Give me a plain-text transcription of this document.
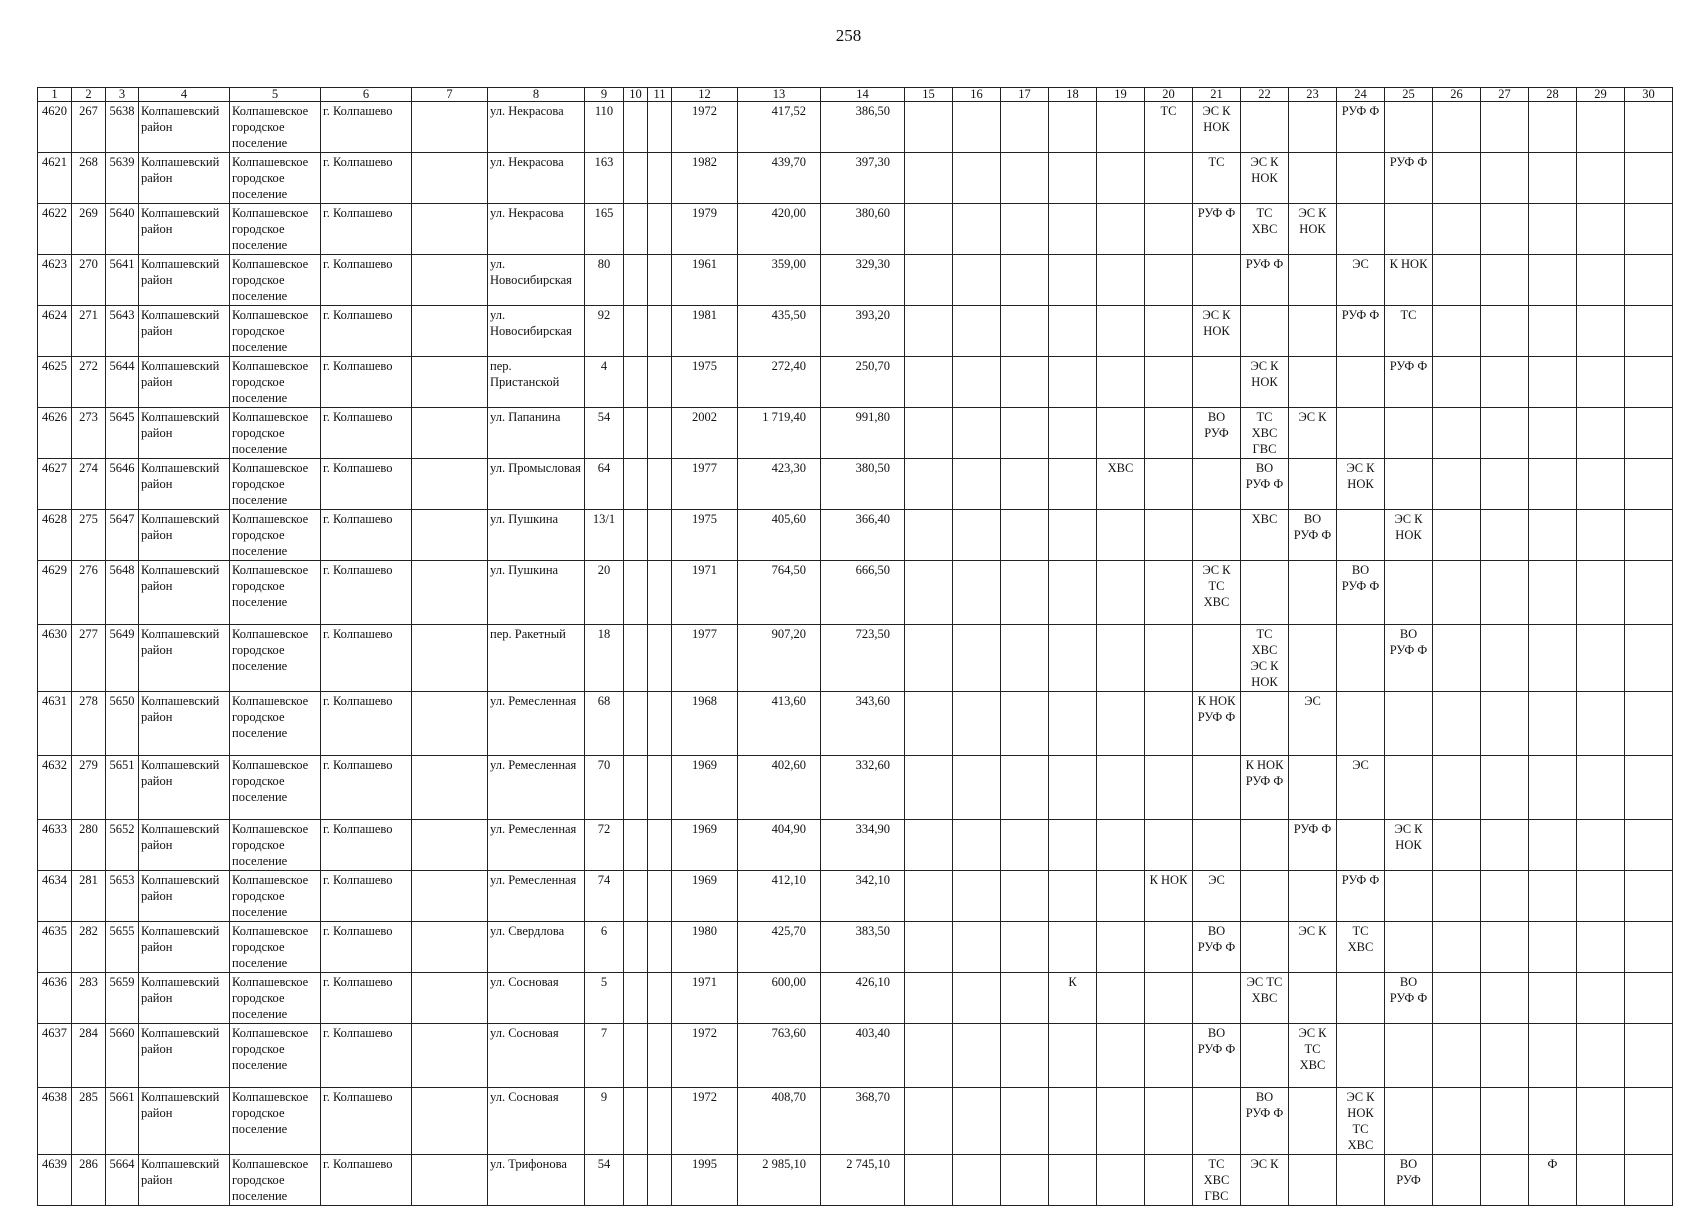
258
1	2	3	4	5	6	7	8	9	10	11	12	13	14	15	16	17	18	19	20	21	22	23	24	25	26	27	28	29	30
4620	267	5638	Колпашевский район	Колпашевское городское поселение	г. Колпашево		ул. Некрасова	110			1972	417,52	386,50						ТС	ЭС К НОК			РУФ Ф						
4621	268	5639	Колпашевский район	Колпашевское городское поселение	г. Колпашево		ул. Некрасова	163			1982	439,70	397,30							ТС	ЭС К НОК			РУФ Ф					
4622	269	5640	Колпашевский район	Колпашевское городское поселение	г. Колпашево		ул. Некрасова	165			1979	420,00	380,60							РУФ Ф	ТС ХВС	ЭС К НОК							
4623	270	5641	Колпашевский район	Колпашевское городское поселение	г. Колпашево		ул. Новосибирская	80			1961	359,00	329,30								РУФ Ф		ЭС	К НОК					
4624	271	5643	Колпашевский район	Колпашевское городское поселение	г. Колпашево		ул. Новосибирская	92			1981	435,50	393,20							ЭС К НОК			РУФ Ф	ТС					
4625	272	5644	Колпашевский район	Колпашевское городское поселение	г. Колпашево		пер. Пристанской	4			1975	272,40	250,70								ЭС К НОК			РУФ Ф					
4626	273	5645	Колпашевский район	Колпашевское городское поселение	г. Колпашево		ул. Папанина	54			2002	1 719,40	991,80							ВО РУФ	ТС ХВС ГВС	ЭС К							
4627	274	5646	Колпашевский район	Колпашевское городское поселение	г. Колпашево		ул. Промысловая	64			1977	423,30	380,50					ХВС			ВО РУФ Ф		ЭС К НОК						
4628	275	5647	Колпашевский район	Колпашевское городское поселение	г. Колпашево		ул. Пушкина	13/1			1975	405,60	366,40								ХВС	ВО РУФ Ф		ЭС К НОК					
4629	276	5648	Колпашевский район	Колпашевское городское поселение	г. Колпашево		ул. Пушкина	20			1971	764,50	666,50							ЭС К ТС ХВС			ВО РУФ Ф						
4630	277	5649	Колпашевский район	Колпашевское городское поселение	г. Колпашево		пер. Ракетный	18			1977	907,20	723,50								ТС ХВС ЭС К НОК			ВО РУФ Ф					
4631	278	5650	Колпашевский район	Колпашевское городское поселение	г. Колпашево		ул. Ремесленная	68			1968	413,60	343,60							К НОК РУФ Ф		ЭС							
4632	279	5651	Колпашевский район	Колпашевское городское поселение	г. Колпашево		ул. Ремесленная	70			1969	402,60	332,60								К НОК РУФ Ф		ЭС						
4633	280	5652	Колпашевский район	Колпашевское городское поселение	г. Колпашево		ул. Ремесленная	72			1969	404,90	334,90									РУФ Ф		ЭС К НОК					
4634	281	5653	Колпашевский район	Колпашевское городское поселение	г. Колпашево		ул. Ремесленная	74			1969	412,10	342,10						К НОК	ЭС			РУФ Ф						
4635	282	5655	Колпашевский район	Колпашевское городское поселение	г. Колпашево		ул. Свердлова	6			1980	425,70	383,50							ВО РУФ Ф		ЭС К	ТС ХВС						
4636	283	5659	Колпашевский район	Колпашевское городское поселение	г. Колпашево		ул. Сосновая	5			1971	600,00	426,10				К				ЭС ТС ХВС			ВО РУФ Ф					
4637	284	5660	Колпашевский район	Колпашевское городское поселение	г. Колпашево		ул. Сосновая	7			1972	763,60	403,40							ВО РУФ Ф		ЭС К ТС ХВС							
4638	285	5661	Колпашевский район	Колпашевское городское поселение	г. Колпашево		ул. Сосновая	9			1972	408,70	368,70								ВО РУФ Ф		ЭС К НОК ТС ХВС						
4639	286	5664	Колпашевский район	Колпашевское городское поселение	г. Колпашево		ул. Трифонова	54			1995	2 985,10	2 745,10							ТС ХВС ГВС	ЭС К			ВО РУФ			Ф		
